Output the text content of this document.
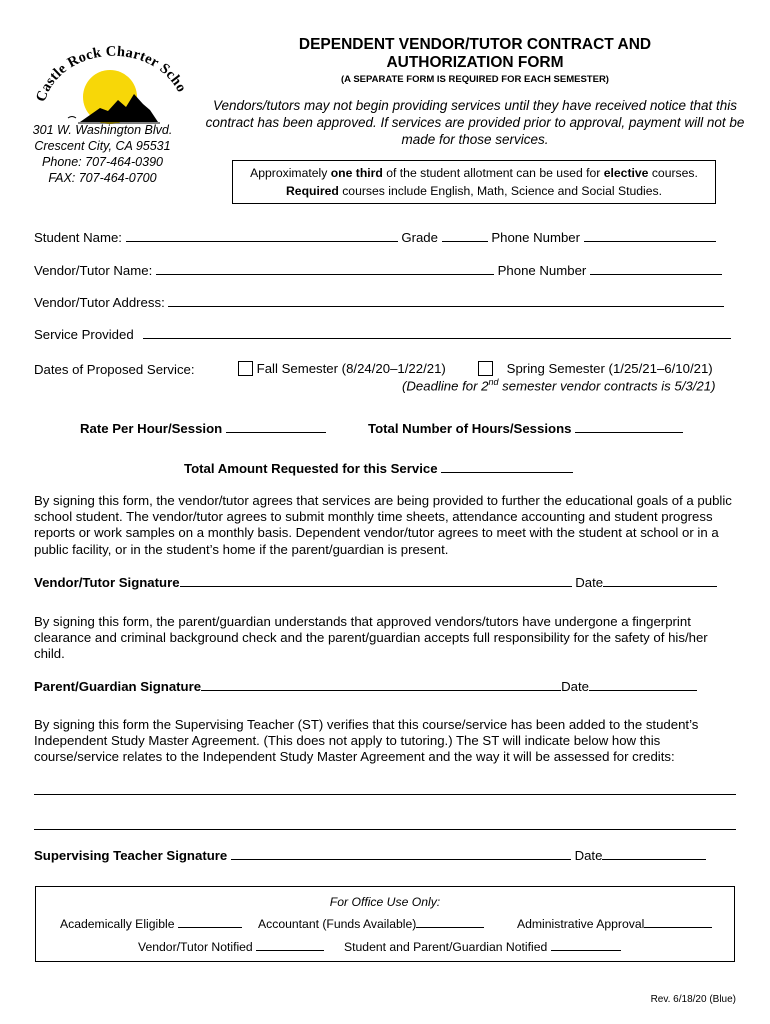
Castle Rock Charter Scho
DEPENDENT VENDOR/TUTOR CONTRACT AND
AUTHORIZATION FORM
(A SEPARATE FORM IS REQUIRED FOR EACH SEMESTER)
Vendors/tutors may not begin providing services until they have received notice that this contract has been approved. If services are provided prior to approval, payment will not be made for those services.
301 W. Washington Blvd.
Crescent City, CA 95531
Phone: 707-464-0390
FAX: 707-464-0700	Approximately one third of the student allotment can be used for elective courses.
Required courses include English, Math, Science and Social Studies.
Student Name:	Grade	Phone Number
Vendor/Tutor Name:	Phone Number
Vendor/Tutor Address:
Service Provided
Dates of Proposed Service:	Fall Semester (8/24/20–1/22/21)	Spring Semester (1/25/21–6/10/21)
(Deadline for 2nd semester vendor contracts is 5/3/21)
Rate Per Hour/Session	Total Number of Hours/Sessions
Total Amount Requested for this Service
By signing this form, the vendor/tutor agrees that services are being provided to further the educational goals of a public school student. The vendor/tutor agrees to submit monthly time sheets, attendance accounting and student progress reports or work samples on a monthly basis. Dependent vendor/tutor agrees to meet with the student at school or in a public facility, or in the student’s home if the parent/guardian is present.
Vendor/Tutor Signature	Date
By signing this form, the parent/guardian understands that approved vendors/tutors have undergone a fingerprint clearance and criminal background check and the parent/guardian accepts full responsibility for the safety of his/her child.
Parent/Guardian Signature	Date
By signing this form the Supervising Teacher (ST) verifies that this course/service has been added to the student’s Independent Study Master Agreement. (This does not apply to tutoring.) The ST will indicate below how this course/service relates to the Independent Study Master Agreement and the way it will be assessed for credits:
Supervising Teacher Signature	Date
For Office Use Only:
Academically Eligible	Accountant (Funds Available)	Administrative Approval
Vendor/Tutor Notified	Student and Parent/Guardian Notified
Rev. 6/18/20 (Blue)
